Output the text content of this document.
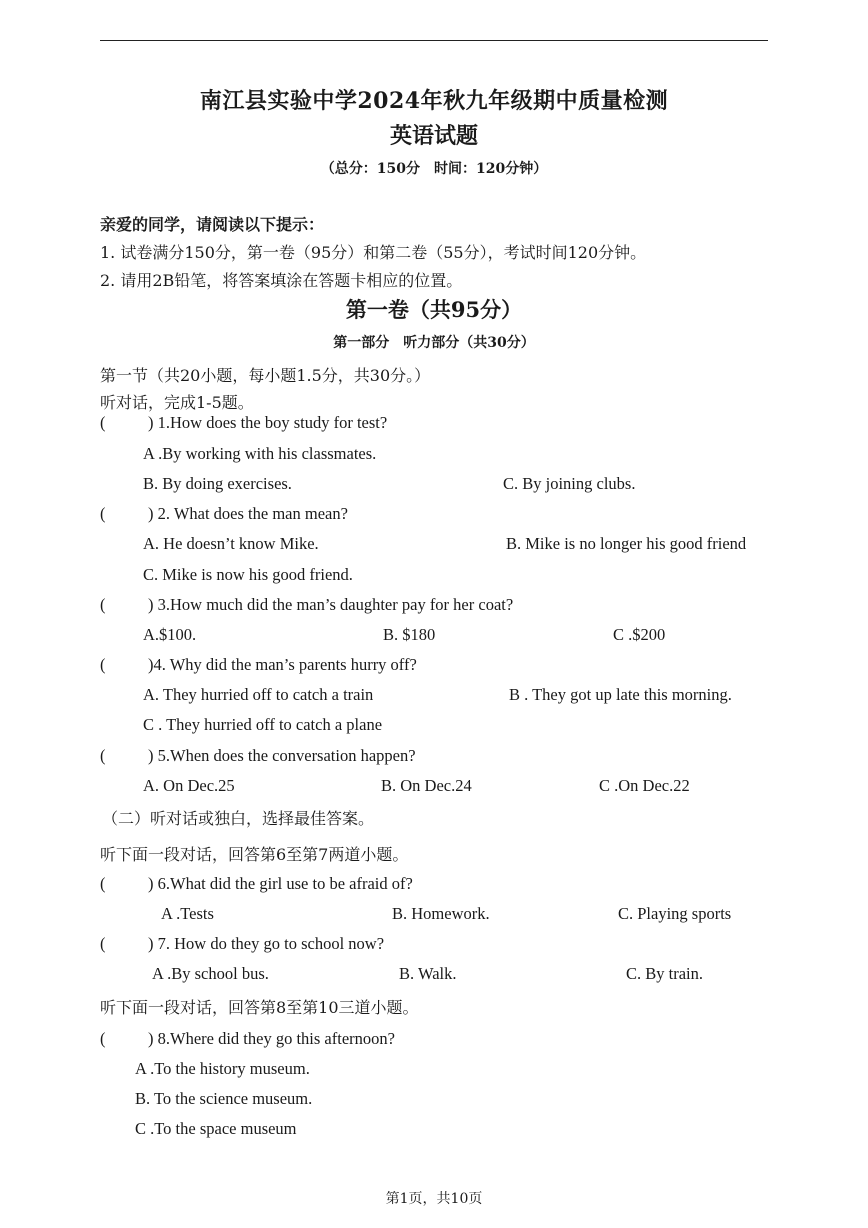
南江县实验中学2024年秋九年级期中质量检测
英语试题
（总分：150分　时间：120分钟）
亲爱的同学，请阅读以下提示：
1. 试卷满分150分，第一卷（95分）和第二卷（55分），考试时间120分钟。
2. 请用2B铅笔，将答案填涂在答题卡相应的位置。
第一卷（共95分）
第一部分　听力部分（共30分）
第一节（共20小题，每小题1.5分，共30分。）
听对话，完成1-5题。
(	) 1.How does the boy study for test?
A .By working with his classmates.
B. By doing exercises.	C. By joining clubs.
(	) 2. What does the man mean?
A. He doesn’t know Mike.	B. Mike is no longer his good friend
C. Mike is now his good friend.
(	) 3.How much did the man’s daughter pay for her coat?
A.$100.	B. $180	C .$200
(	)4. Why did the man’s parents hurry off?
A. They hurried off to catch a train	B . They got up late this morning.
C . They hurried off to catch a plane
(	) 5.When does the conversation happen?
A. On Dec.25	B. On Dec.24	C .On Dec.22
（二）听对话或独白，选择最佳答案。
听下面一段对话，回答第6至第7两道小题。
(	) 6.What did the girl use to be afraid of?
A .Tests	B. Homework.	C. Playing sports
(	) 7. How do they go to school now?
A .By school bus.	B. Walk.	C. By train.
听下面一段对话，回答第8至第10三道小题。
(	) 8.Where did they go this afternoon?
A .To the history museum.
B. To the science museum.
C .To the space museum
第1页，共10页
